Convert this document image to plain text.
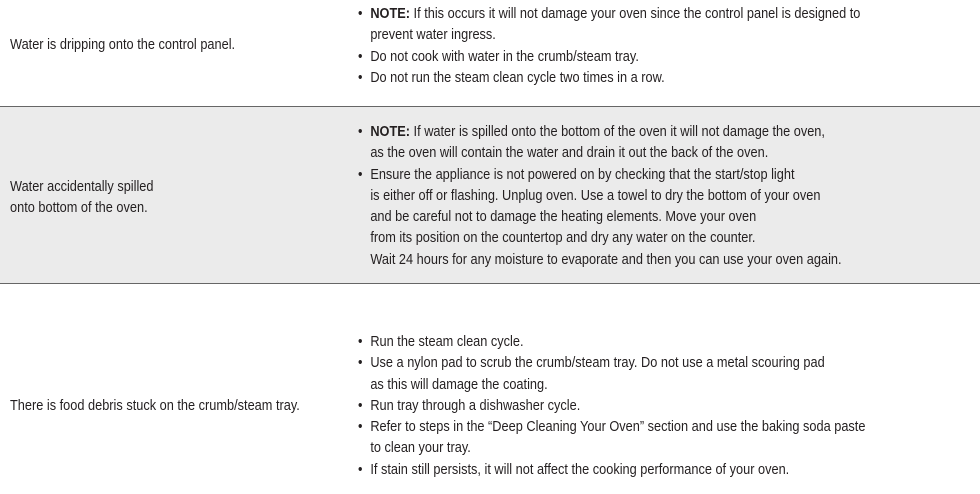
Water is dripping onto the control panel.
• NOTE: If this occurs it will not damage your oven since the control panel is designed to
prevent water ingress.
• Do not cook with water in the crumb/steam tray.
• Do not run the steam clean cycle two times in a row.
Water accidentally spilled
onto bottom of the oven.
• NOTE: If water is spilled onto the bottom of the oven it will not damage the oven,
as the oven will contain the water and drain it out the back of the oven.
• Ensure the appliance is not powered on by checking that the start/stop light
is either off or flashing. Unplug oven. Use a towel to dry the bottom of your oven
and be careful not to damage the heating elements. Move your oven
from its position on the countertop and dry any water on the counter.
Wait 24 hours for any moisture to evaporate and then you can use your oven again.
There is food debris stuck on the crumb/steam tray.
• Run the steam clean cycle.
• Use a nylon pad to scrub the crumb/steam tray. Do not use a metal scouring pad
as this will damage the coating.
• Run tray through a dishwasher cycle.
• Refer to steps in the “Deep Cleaning Your Oven” section and use the baking soda paste
to clean your tray.
• If stain still persists, it will not affect the cooking performance of your oven.
